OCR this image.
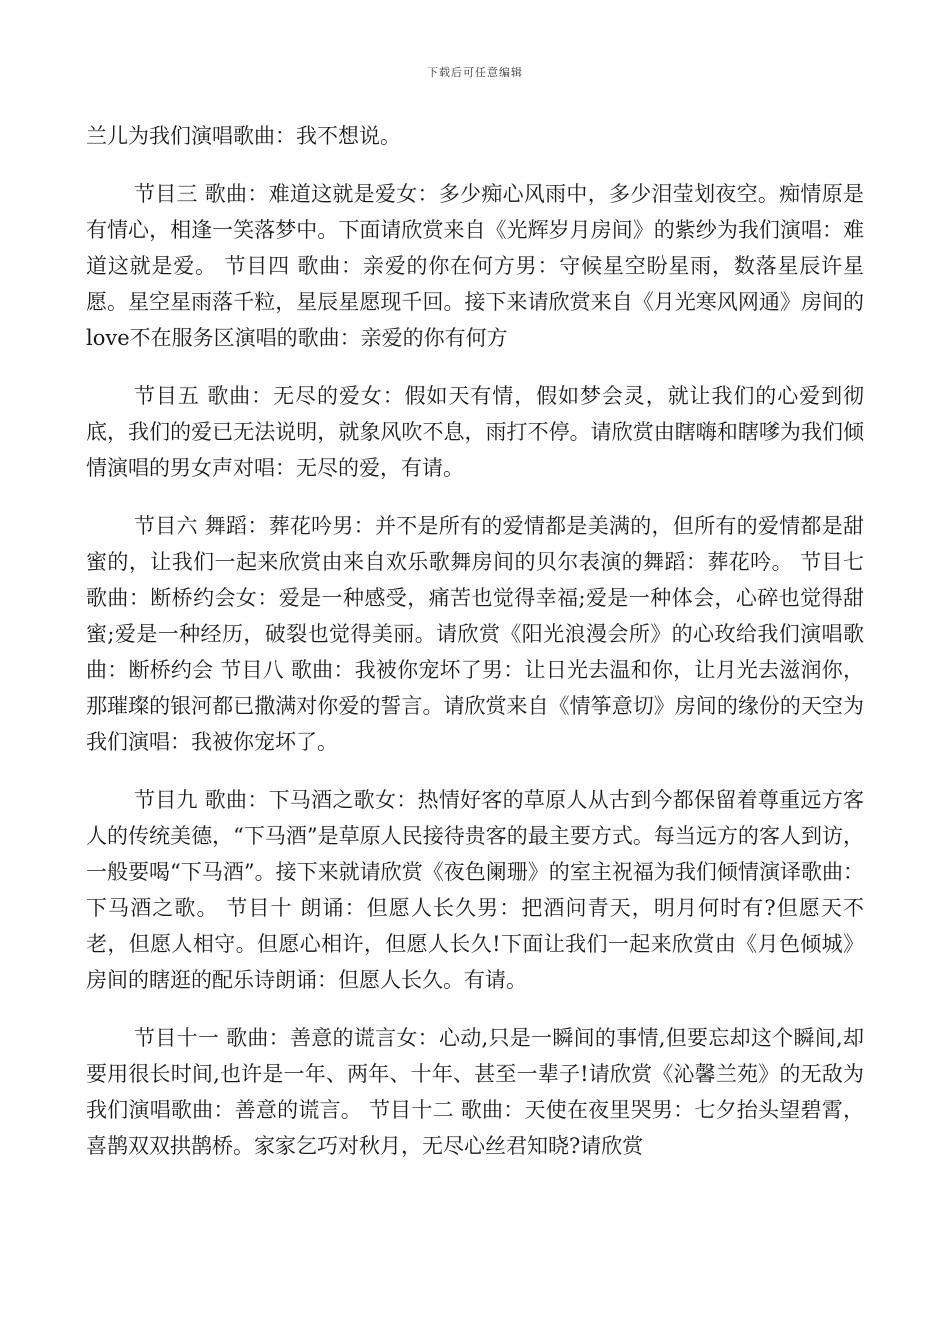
下载后可任意编辑

兰儿为我们演唱歌曲：我不想说。

节目三 歌曲：难道这就是爱女：多少痴心风雨中，多少泪莹划夜空。痴情原是有情心，相逢一笑落梦中。下面请欣赏来自《光辉岁月房间》的紫纱为我们演唱：难道这就是爱。 节目四 歌曲：亲爱的你在何方男：守候星空盼星雨，数落星辰许星愿。星空星雨落千粒，星辰星愿现千回。接下来请欣赏来自《月光寒风网通》房间的love不在服务区演唱的歌曲：亲爱的你有何方

节目五 歌曲：无尽的爱女：假如天有情，假如梦会灵，就让我们的心爱到彻底，我们的爱已无法说明，就象风吹不息，雨打不停。请欣赏由瞎嗨和瞎嗲为我们倾情演唱的男女声对唱：无尽的爱，有请。

节目六 舞蹈：葬花吟男：并不是所有的爱情都是美满的，但所有的爱情都是甜蜜的，让我们一起来欣赏由来自欢乐歌舞房间的贝尔表演的舞蹈：葬花吟。 节目七 歌曲：断桥约会女：爱是一种感受，痛苦也觉得幸福;爱是一种体会，心碎也觉得甜蜜;爱是一种经历，破裂也觉得美丽。请欣赏《阳光浪漫会所》的心玫给我们演唱歌曲：断桥约会 节目八 歌曲：我被你宠坏了男：让日光去温和你，让月光去滋润你，那璀璨的银河都已撒满对你爱的誓言。请欣赏来自《情筝意切》房间的缘份的天空为我们演唱：我被你宠坏了。

节目九 歌曲：下马酒之歌女：热情好客的草原人从古到今都保留着尊重远方客人的传统美德，“下马酒”是草原人民接待贵客的最主要方式。每当远方的客人到访，一般要喝“下马酒”。接下来就请欣赏《夜色阑珊》的室主祝福为我们倾情演译歌曲：下马酒之歌。 节目十 朗诵：但愿人长久男：把酒问青天，明月何时有?但愿天不老，但愿人相守。但愿心相许，但愿人长久!下面让我们一起来欣赏由《月色倾城》房间的瞎逛的配乐诗朗诵：但愿人长久。有请。

节目十一 歌曲：善意的谎言女：心动,只是一瞬间的事情,但要忘却这个瞬间,却要用很长时间,也许是一年、两年、十年、甚至一辈子!请欣赏《沁馨兰苑》的无敌为我们演唱歌曲：善意的谎言。 节目十二 歌曲：天使在夜里哭男：七夕抬头望碧霄，喜鹊双双拱鹊桥。家家乞巧对秋月，无尽心丝君知晓?请欣赏
